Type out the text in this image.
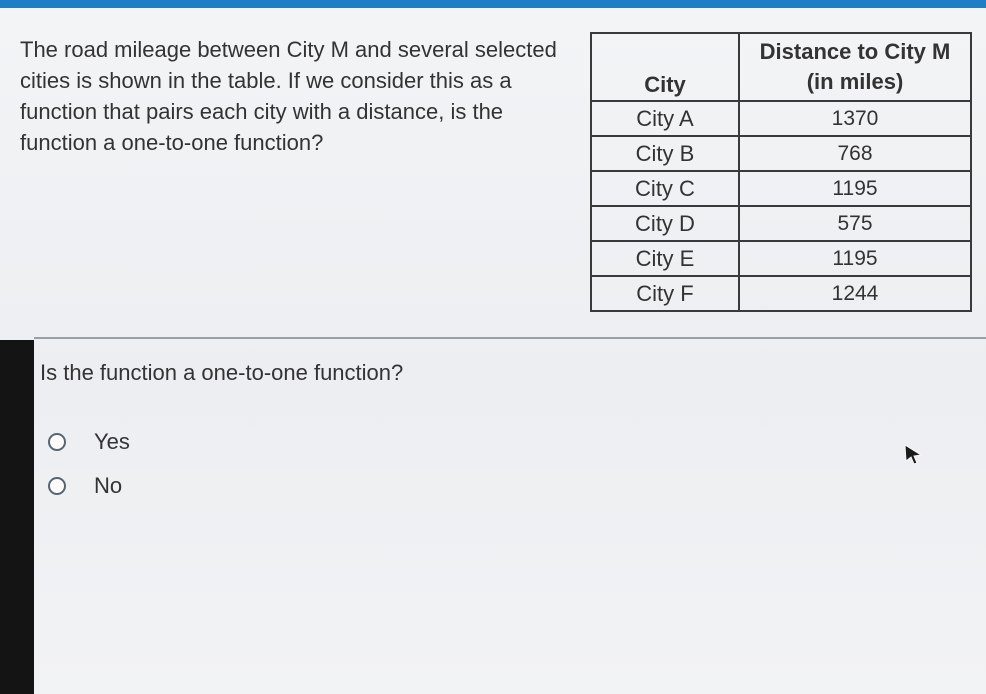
The road mileage between City M and several selected cities is shown in the table. If we consider this as a function that pairs each city with a distance, is the function a one-to-one function?
City	Distance to City M
(in miles)
City A	1370
City B	768
City C	1195
City D	575
City E	1195
City F	1244
Is the function a one-to-one function?
Yes
No
